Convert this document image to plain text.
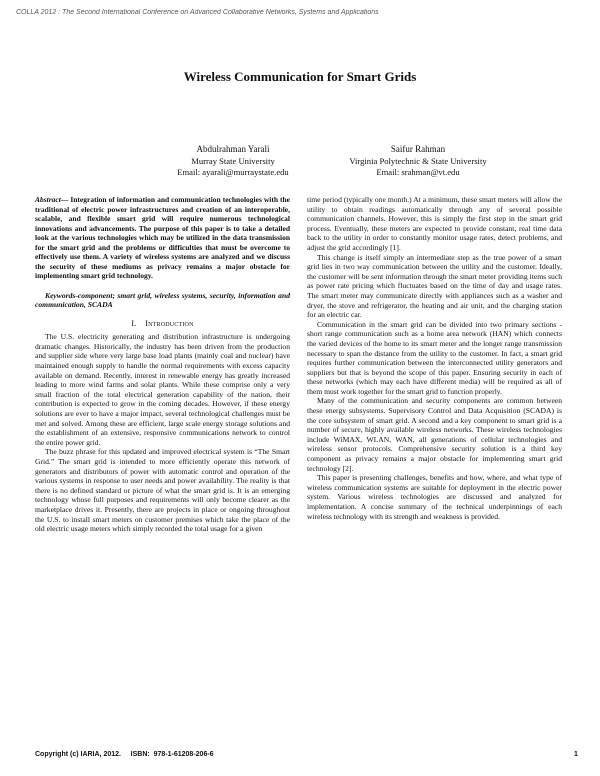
COLLA 2012 : The Second International Conference on Advanced Collaborative Networks, Systems and Applications
Wireless Communication for Smart Grids
Abdulrahman Yarali
Murray State University
Email: ayarali@murraystate.edu
Saifur Rahman
Virginia Polytechnic & State University
Email: srahman@vt.edu

Abstract— Integration of information and communication technologies with the traditional of electric power infrastructures and creation of an interoperable, scalable, and flexible smart grid will require numerous technological innovations and advancements. The purpose of this paper is to take a detailed look at the various technologies which may be utilized in the data transmission for the smart grid and the problems or difficulties that must be overcome to effectively use them. A variety of wireless systems are analyzed and we discuss the security of these mediums as privacy remains a major obstacle for implementing smart grid technology.

Keywords-component; smart grid, wireless systems, security, information and communication, SCADA

I. Introduction

The U.S. electricity generating and distribution infrastructure is undergoing dramatic changes. Historically, the industry has been driven from the production and supplier side where very large base load plants (mainly coal and nuclear) have maintained enough supply to handle the normal requirements with excess capacity available on demand. Recently, interest in renewable energy has greatly increased leading to more wind farms and solar plants. While these comprise only a very small fraction of the total electrical generation capability of the nation, their contribution is expected to grow in the coming decades. However, if these energy solutions are ever to have a major impact, several technological challenges must be met and solved. Among these are efficient, large scale energy storage solutions and the establishment of an extensive, responsive communications network to control the entire power grid.

The buzz phrase for this updated and improved electrical system is “The Smart Grid.” The smart grid is intended to more efficiently operate this network of generators and distributors of power with automatic control and operation of the various systems in response to user needs and power availability. The reality is that there is no defined standard or picture of what the smart grid is. It is an emerging technology whose full purposes and requirements will only become clearer as the marketplace drives it. Presently, there are projects in place or ongoing throughout the U.S. to install smart meters on customer premises which take the place of the old electric usage meters which simply recorded the total usage for a given

time period (typically one month.) At a minimum, these smart meters will allow the utility to obtain readings automatically through any of several possible communication channels. However, this is simply the first step in the smart grid process. Eventually, these meters are expected to provide constant, real time data back to the utility in order to constantly monitor usage rates, detect problems, and adjust the grid accordingly [1].

This change is itself simply an intermediate step as the true power of a smart grid lies in two way communication between the utility and the customer. Ideally, the customer will be sent information through the smart meter providing items such as power rate pricing which fluctuates based on the time of day and usage rates. The smart meter may communicate directly with appliances such as a washer and dryer, the stove and refrigerator, the heating and air unit, and the charging station for an electric car.

Communication in the smart grid can be divided into two primary sections - short range communication such as a home area network (HAN) which connects the varied devices of the home to its smart meter and the longer range transmission necessary to span the distance from the utility to the customer. In fact, a smart grid requires further communication between the interconnected utility generators and suppliers but that is beyond the scope of this paper. Ensuring security in each of these networks (which may each have different media) will be required as all of them must work together for the smart grid to function properly.

Many of the communication and security components are common between these energy subsystems. Supervisory Control and Data Acquisition (SCADA) is the core subsystem of smart grid. A second and a key component to smart grid is a number of secure, highly available wireless networks. These wireless technologies include WiMAX, WLAN, WAN, all generations of cellular technologies and wireless sensor protocols. Comprehensive security solution is a third key component as privacy remains a major obstacle for implementing smart grid technology [2].

This paper is presenting challenges, benefits and how, where, and what type of wireless communication systems are suitable for deployment in the electric power system. Various wireless technologies are discussed and analyzed for implementation. A concise summary of the technical underpinnings of each wireless technology with its strength and weakness is provided.

Copyright (c) IARIA, 2012.     ISBN:  978-1-61208-206-6	1
